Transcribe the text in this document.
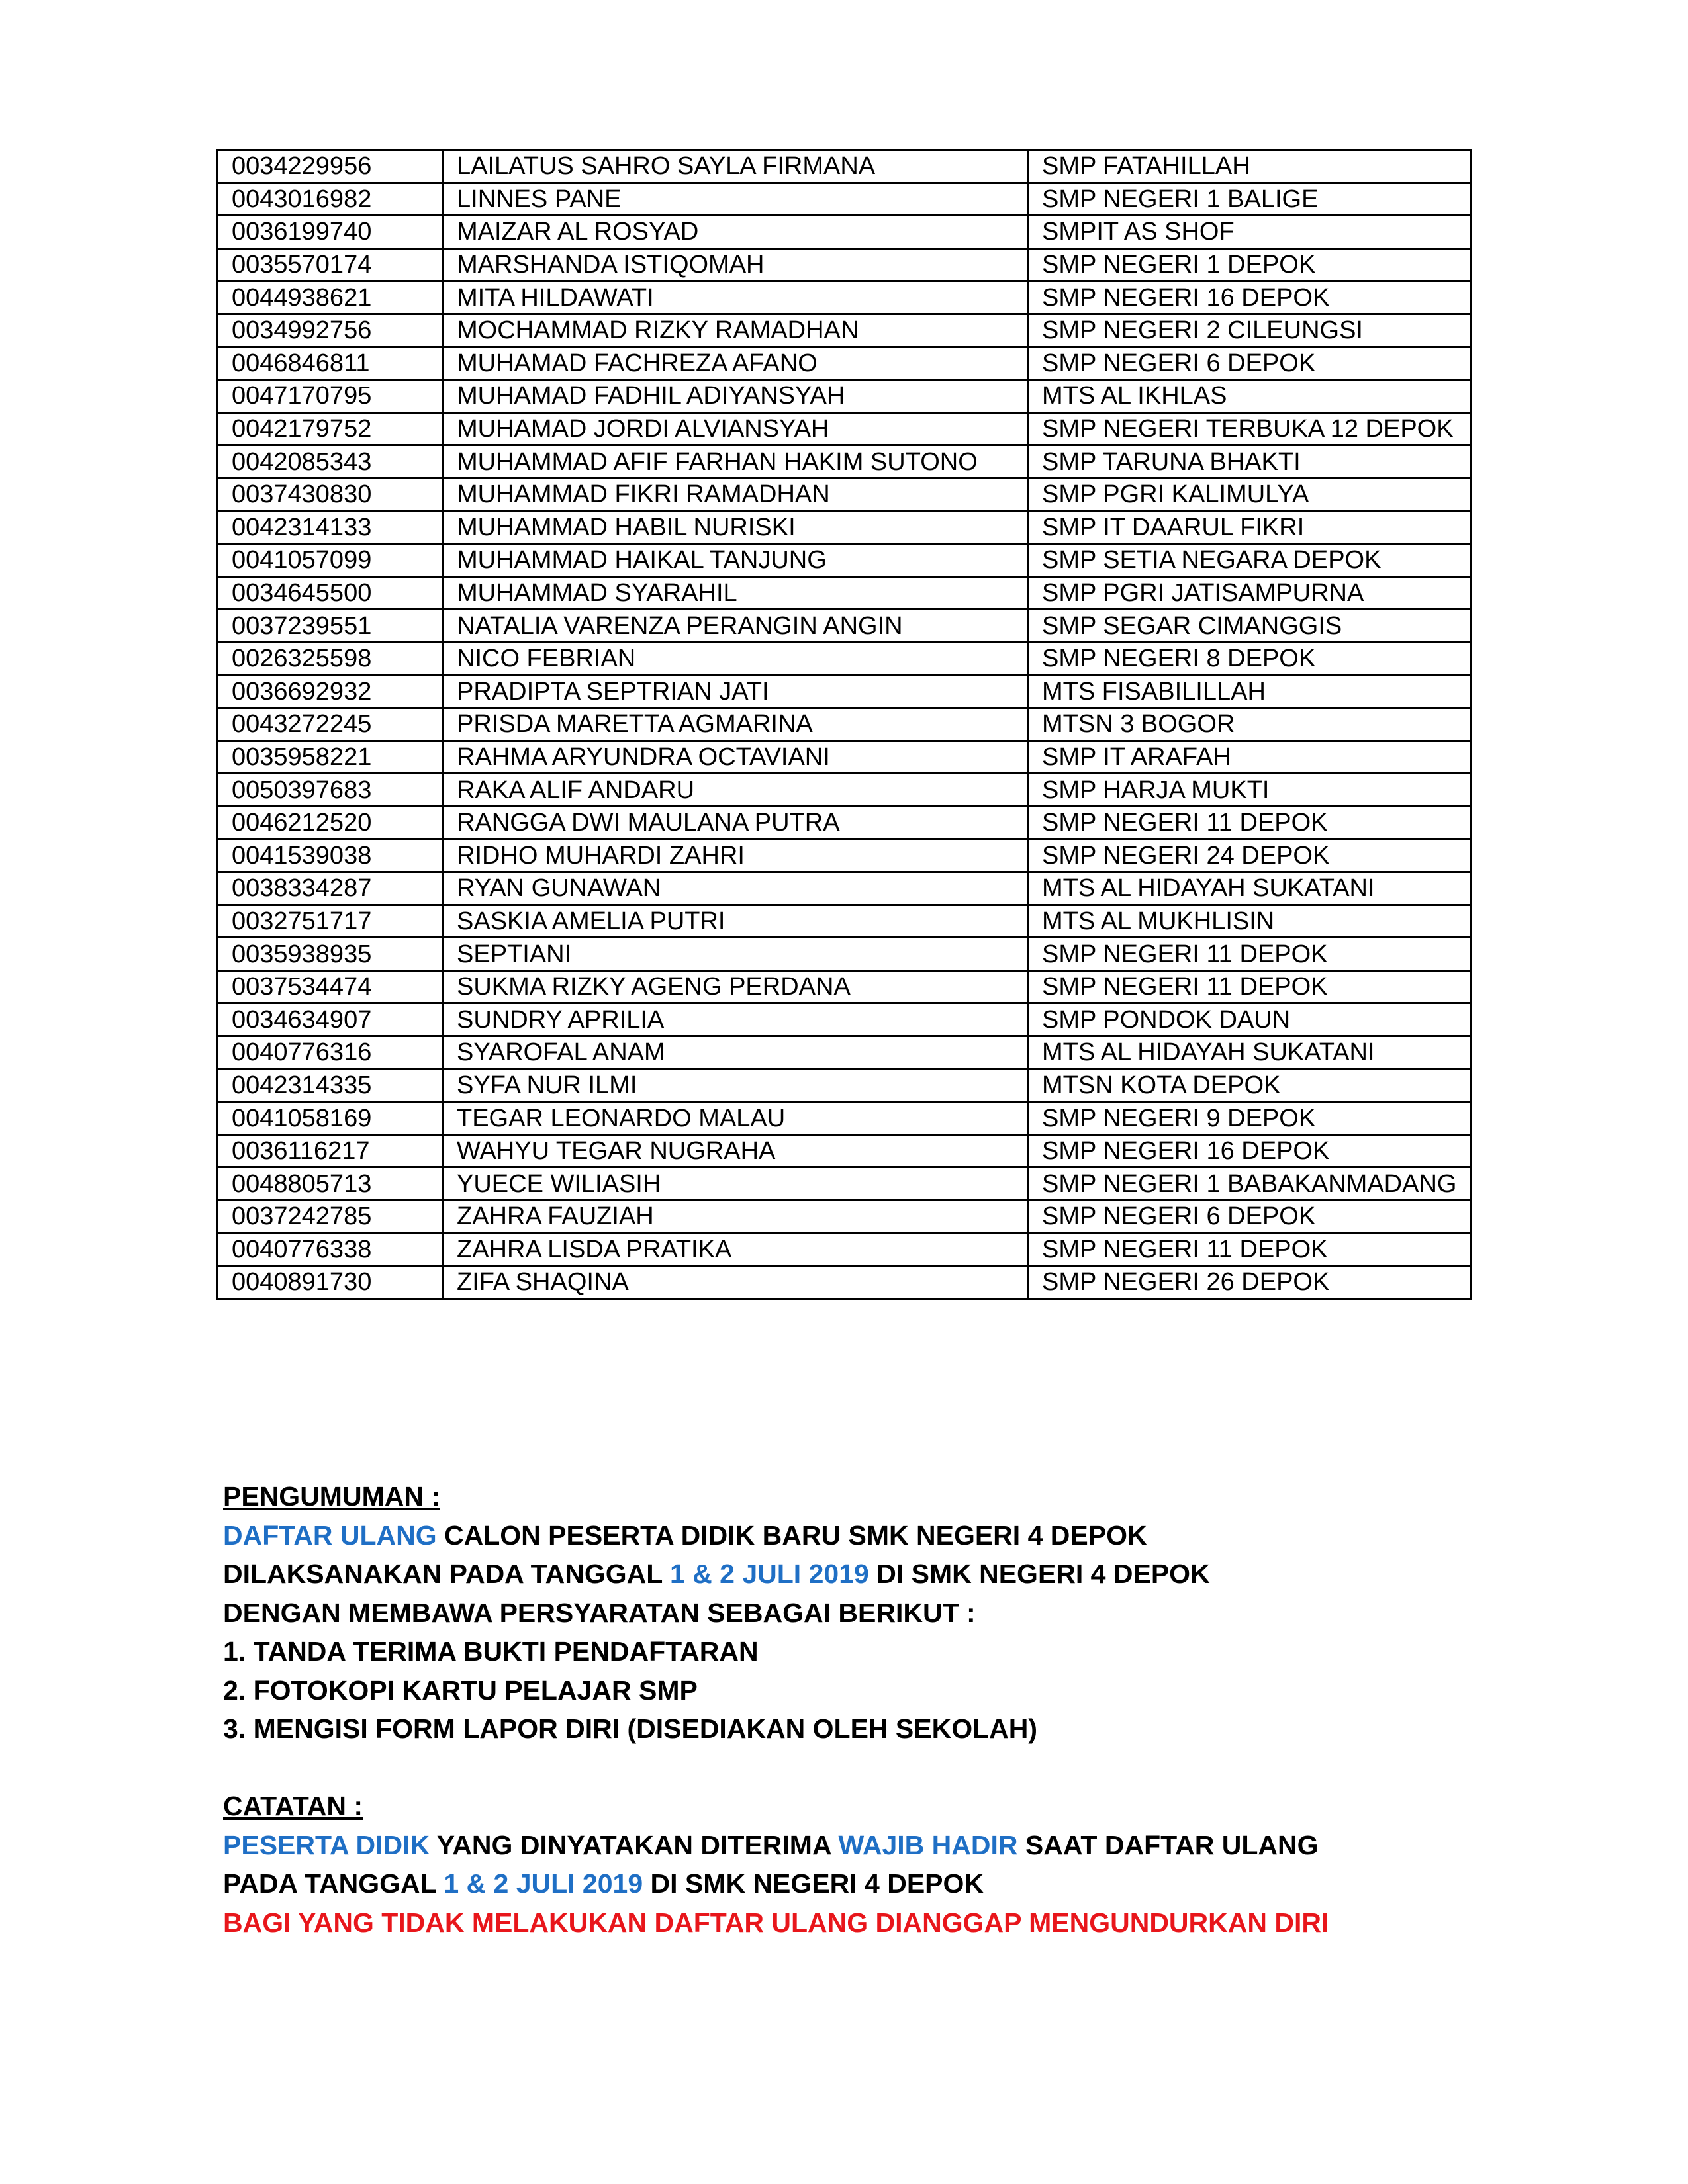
0034229956	LAILATUS SAHRO SAYLA FIRMANA	SMP FATAHILLAH
0043016982	LINNES PANE	SMP NEGERI 1 BALIGE
0036199740	MAIZAR AL ROSYAD	SMPIT AS SHOF
0035570174	MARSHANDA ISTIQOMAH	SMP NEGERI 1 DEPOK
0044938621	MITA HILDAWATI	SMP NEGERI 16 DEPOK
0034992756	MOCHAMMAD RIZKY RAMADHAN	SMP NEGERI 2 CILEUNGSI
0046846811	MUHAMAD FACHREZA AFANO	SMP NEGERI 6 DEPOK
0047170795	MUHAMAD FADHIL ADIYANSYAH	MTS AL IKHLAS
0042179752	MUHAMAD JORDI ALVIANSYAH	SMP NEGERI TERBUKA 12 DEPOK
0042085343	MUHAMMAD AFIF FARHAN HAKIM SUTONO	SMP TARUNA BHAKTI
0037430830	MUHAMMAD FIKRI RAMADHAN	SMP PGRI KALIMULYA
0042314133	MUHAMMAD HABIL NURISKI	SMP IT DAARUL FIKRI
0041057099	MUHAMMAD HAIKAL TANJUNG	SMP SETIA NEGARA DEPOK
0034645500	MUHAMMAD SYARAHIL	SMP PGRI JATISAMPURNA
0037239551	NATALIA VARENZA PERANGIN ANGIN	SMP SEGAR CIMANGGIS
0026325598	NICO FEBRIAN	SMP NEGERI 8 DEPOK
0036692932	PRADIPTA SEPTRIAN JATI	MTS FISABILILLAH
0043272245	PRISDA MARETTA AGMARINA	MTSN 3 BOGOR
0035958221	RAHMA ARYUNDRA OCTAVIANI	SMP IT ARAFAH
0050397683	RAKA ALIF ANDARU	SMP HARJA MUKTI
0046212520	RANGGA DWI MAULANA PUTRA	SMP NEGERI 11 DEPOK
0041539038	RIDHO MUHARDI ZAHRI	SMP NEGERI 24 DEPOK
0038334287	RYAN GUNAWAN	MTS AL HIDAYAH SUKATANI
0032751717	SASKIA AMELIA PUTRI	MTS AL MUKHLISIN
0035938935	SEPTIANI	SMP NEGERI 11 DEPOK
0037534474	SUKMA RIZKY AGENG PERDANA	SMP NEGERI 11 DEPOK
0034634907	SUNDRY APRILIA	SMP PONDOK DAUN
0040776316	SYAROFAL ANAM	MTS AL HIDAYAH SUKATANI
0042314335	SYFA NUR ILMI	MTSN KOTA DEPOK
0041058169	TEGAR LEONARDO MALAU	SMP NEGERI 9 DEPOK
0036116217	WAHYU TEGAR NUGRAHA	SMP NEGERI 16 DEPOK
0048805713	YUECE WILIASIH	SMP NEGERI 1 BABAKANMADANG
0037242785	ZAHRA FAUZIAH	SMP NEGERI 6 DEPOK
0040776338	ZAHRA LISDA PRATIKA	SMP NEGERI 11 DEPOK
0040891730	ZIFA SHAQINA	SMP NEGERI 26 DEPOK
PENGUMUMAN :
DAFTAR ULANG CALON PESERTA DIDIK BARU SMK NEGERI 4 DEPOK
DILAKSANAKAN PADA TANGGAL 1 & 2 JULI 2019 DI SMK NEGERI 4 DEPOK
DENGAN MEMBAWA PERSYARATAN SEBAGAI BERIKUT :
1. TANDA TERIMA BUKTI PENDAFTARAN
2. FOTOKOPI KARTU PELAJAR SMP
3. MENGISI FORM LAPOR DIRI (DISEDIAKAN OLEH SEKOLAH)
CATATAN :
PESERTA DIDIK YANG DINYATAKAN DITERIMA WAJIB HADIR SAAT DAFTAR ULANG
PADA TANGGAL 1 & 2 JULI 2019 DI SMK NEGERI 4 DEPOK
BAGI YANG TIDAK MELAKUKAN DAFTAR ULANG DIANGGAP MENGUNDURKAN DIRI
